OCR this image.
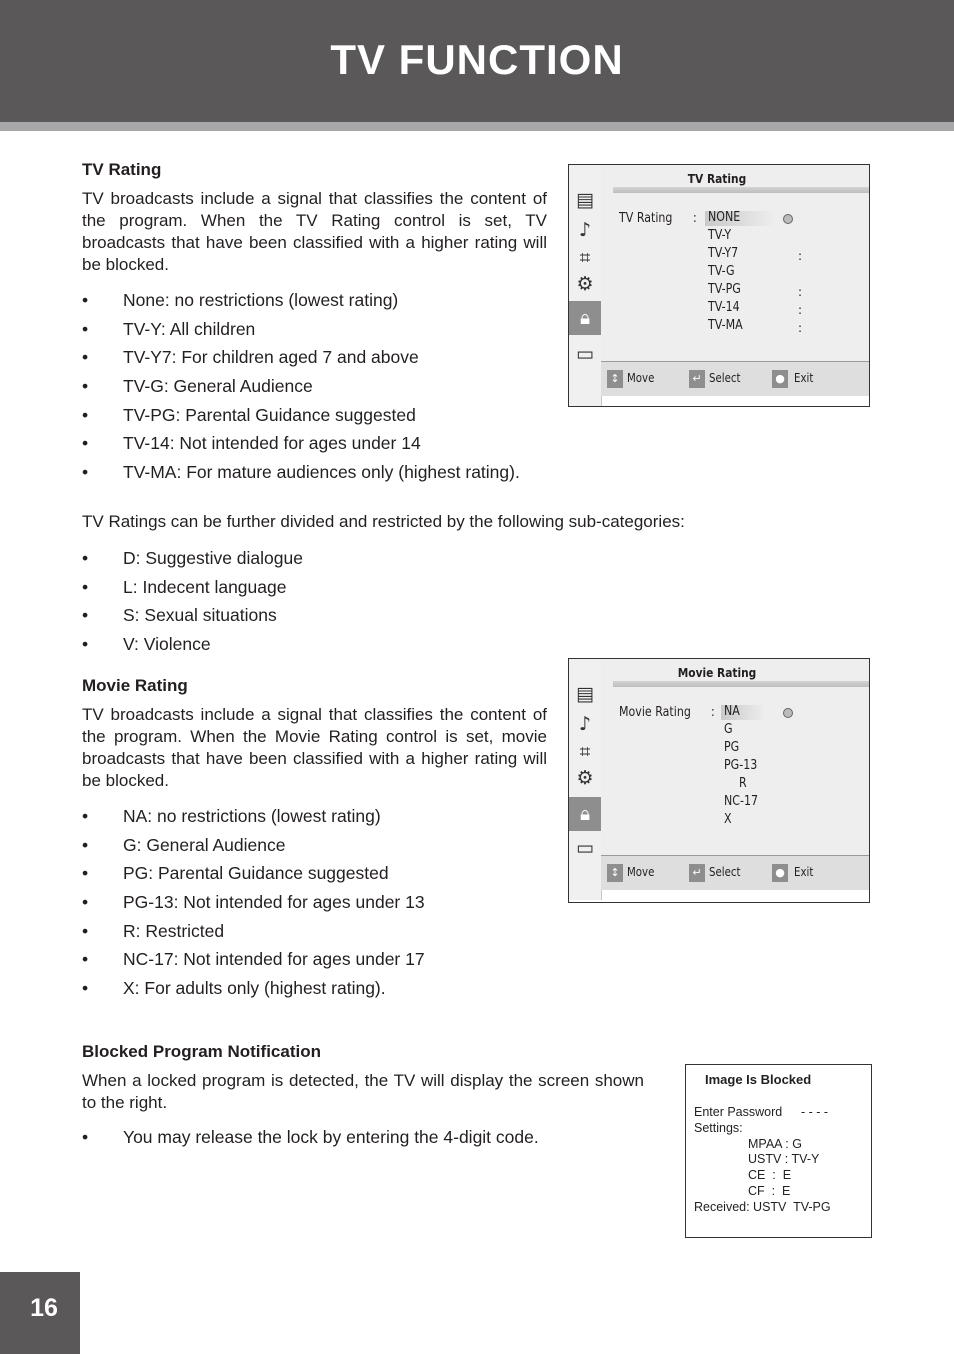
TV FUNCTION
TV Rating

TV broadcasts include a signal that classifies the content of the program. When the TV Rating control is set, TV broadcasts that have been classified with a higher rating will be blocked.

• None: no restrictions (lowest rating)
• TV-Y: All children
• TV-Y7: For children aged 7 and above
• TV-G: General Audience
• TV-PG: Parental Guidance suggested
• TV-14: Not intended for ages under 14
• TV-MA: For mature audiences only (highest rating).

TV Ratings can be further divided and restricted by the following sub-categories:

• D: Suggestive dialogue
• L: Indecent language
• S: Sexual situations
• V: Violence
▤
♪
⌗
⚙
🔒︎
▭
TV Rating
TV Rating : NONE
TV-Y
TV-Y7
TV-G
TV-PG
TV-14
TV-MA
:
:
:
:
↕ Move	↵ Select	● Exit
Movie Rating

TV broadcasts include a signal that classifies the content of the program. When the Movie Rating control is set, movie broadcasts that have been classified with a higher rating will be blocked.

• NA: no restrictions (lowest rating)
• G: General Audience
• PG: Parental Guidance suggested
• PG-13: Not intended for ages under 13
• R: Restricted
• NC-17: Not intended for ages under 17
• X: For adults only (highest rating).
▤
♪
⌗
⚙
🔒︎
▭
Movie Rating
Movie Rating : NA
G
PG
PG-13
R
NC-17
X
↕ Move	↵ Select	● Exit
Blocked Program Notification

When a locked program is detected, the TV will display the screen shown to the right.

• You may release the lock by entering the 4-digit code.
Image Is Blocked
Enter Password - - - -
Settings:
MPAA : G
USTV : TV-Y
CE  :  E
CF  :  E
Received: USTV  TV-PG
16
